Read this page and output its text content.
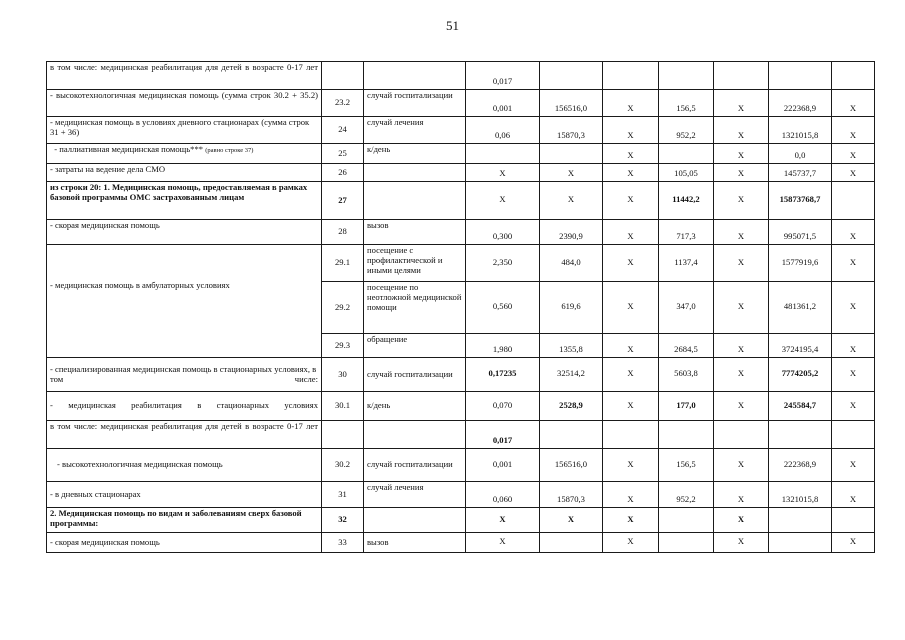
51
в том числе: медицинская реабилитация для детей в возрасте 0-17 лет			0,017						
- высокотехнологичная медицинская помощь (сумма строк 30.2 + 35.2)	23.2	случай госпитализации	0,001	156516,0	X	156,5	X	222368,9	X
- медицинская помощь в условиях дневного стационарах (сумма строк 31 + 36)	24	случай лечения	0,06	15870,3	X	952,2	X	1321015,8	X
- паллиативная медицинская помощь*** (равно строке 37)	25	к/день			X		X	0,0	X
- затраты на ведение дела СМО	26		X	X	X	105,05	X	145737,7	X
из строки 20: 1. Медицинская помощь, предоставляемая в рамках базовой программы ОМС застрахованным лицам	27		X	X	X	11442,2	X	15873768,7	
- скорая медицинская помощь	28	вызов	0,300	2390,9	X	717,3	X	995071,5	X
- медицинская помощь в амбулаторных условиях	29.1	посещение с профилактической и иными целями	2,350	484,0	X	1137,4	X	1577919,6	X
	29.2	посещение по неотложной медицинской помощи	0,560	619,6	X	347,0	X	481361,2	X
	29.3	обращение	1,980	1355,8	X	2684,5	X	3724195,4	X
- специализированная медицинская помощь в стационарных условиях, в том числе:	30	случай госпитализации	0,17235	32514,2	X	5603,8	X	7774205,2	X
- медицинская реабилитация в стационарных условиях	30.1	к/день	0,070	2528,9	X	177,0	X	245584,7	X
в том числе: медицинская реабилитация для детей в возрасте 0-17 лет			0,017						
- высокотехнологичная медицинская помощь	30.2	случай госпитализации	0,001	156516,0	X	156,5	X	222368,9	X
- в дневных стационарах	31	случай лечения	0,060	15870,3	X	952,2	X	1321015,8	X
2. Медицинская помощь по видам и заболеваниям сверх базовой программы:	32		X	X	X		X		
- скорая медицинская помощь	33	вызов	X		X		X		X
